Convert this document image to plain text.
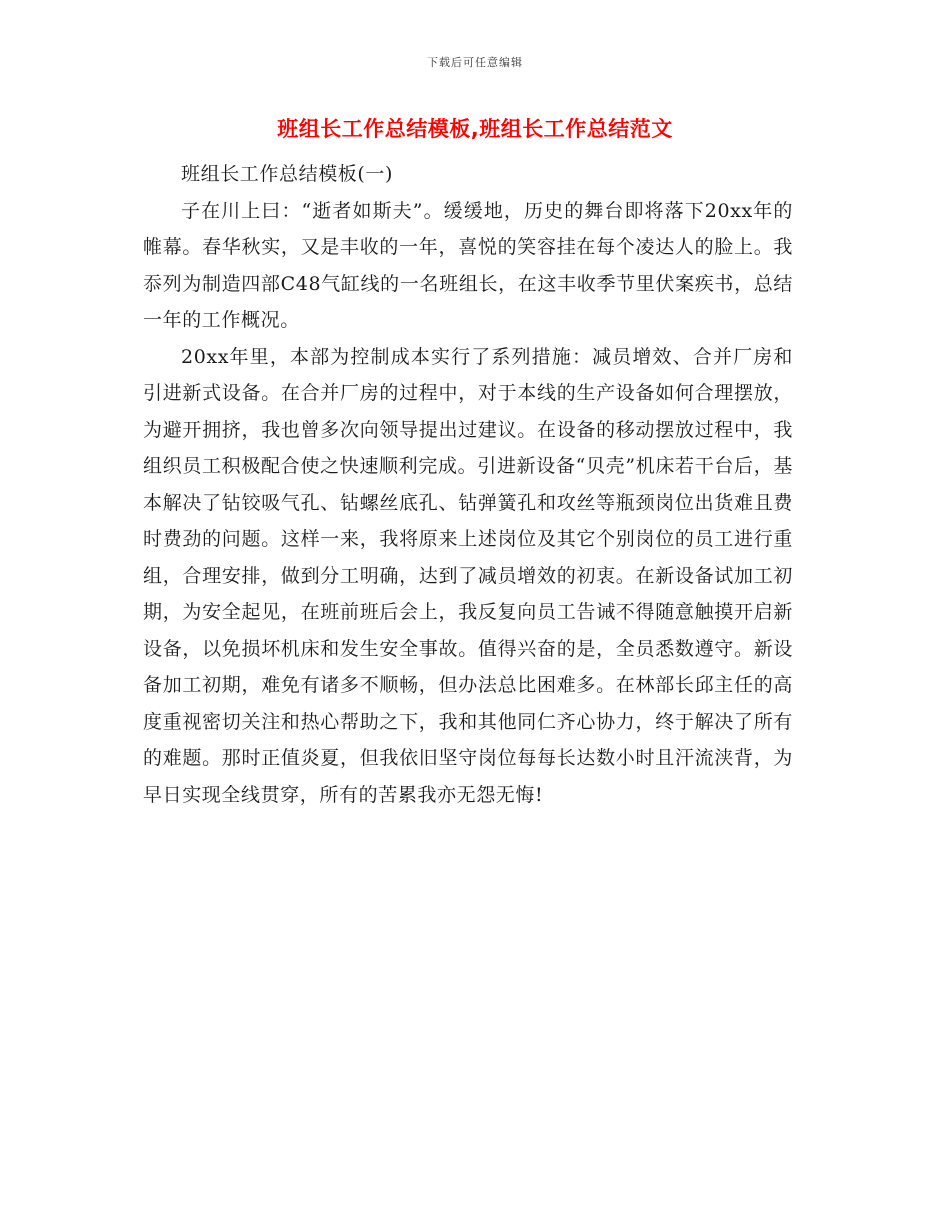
下载后可任意编辑
班组长工作总结模板,班组长工作总结范文

班组长工作总结模板(一)

子在川上曰：“逝者如斯夫”。缓缓地，历史的舞台即将落下20xx年的帷幕。春华秋实，又是丰收的一年，喜悦的笑容挂在每个凌达人的脸上。我忝列为制造四部C48气缸线的一名班组长，在这丰收季节里伏案疾书，总结一年的工作概况。

20xx年里，本部为控制成本实行了系列措施：减员增效、合并厂房和引进新式设备。在合并厂房的过程中，对于本线的生产设备如何合理摆放，为避开拥挤，我也曾多次向领导提出过建议。在设备的移动摆放过程中，我组织员工积极配合使之快速顺利完成。引进新设备“贝壳”机床若干台后，基本解决了钻铰吸气孔、钻螺丝底孔、钻弹簧孔和攻丝等瓶颈岗位出货难且费时费劲的问题。这样一来，我将原来上述岗位及其它个别岗位的员工进行重组，合理安排，做到分工明确，达到了减员增效的初衷。在新设备试加工初期，为安全起见，在班前班后会上，我反复向员工告诫不得随意触摸开启新设备，以免损坏机床和发生安全事故。值得兴奋的是，全员悉数遵守。新设备加工初期，难免有诸多不顺畅，但办法总比困难多。在林部长邱主任的高度重视密切关注和热心帮助之下，我和其他同仁齐心协力，终于解决了所有的难题。那时正值炎夏，但我依旧坚守岗位每每长达数小时且汗流浃背，为早日实现全线贯穿，所有的苦累我亦无怨无悔!
